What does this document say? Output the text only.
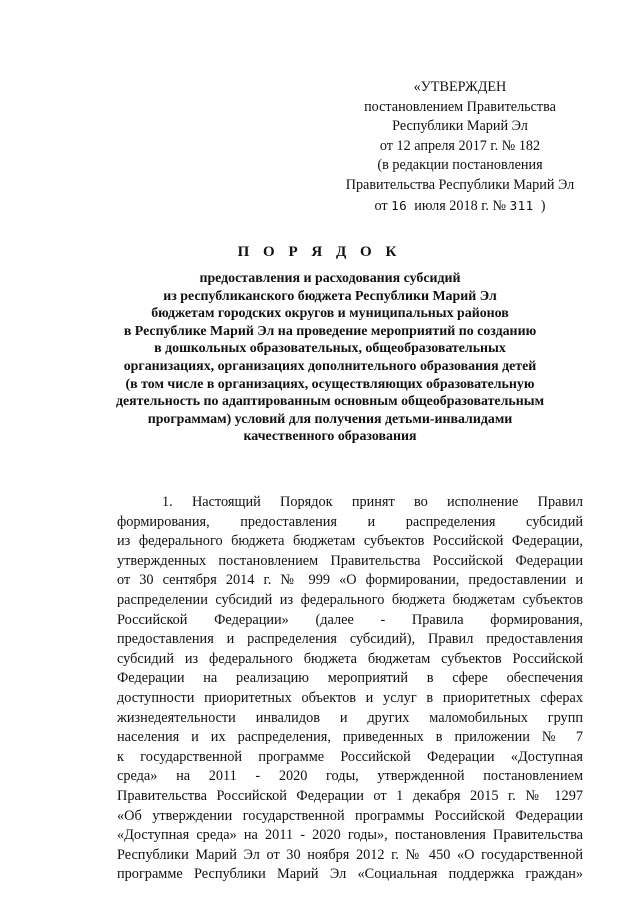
«УТВЕРЖДЕН
постановлением Правительства
Республики Марий Эл
от 12 апреля 2017 г. № 182
(в редакции постановления
Правительства Республики Марий Эл
от 16 июля 2018 г. № 311 )
П О Р Я Д О К
предоставления и расходования субсидий
из республиканского бюджета Республики Марий Эл
бюджетам городских округов и муниципальных районов
в Республике Марий Эл на проведение мероприятий по созданию
в дошкольных образовательных, общеобразовательных
организациях, организациях дополнительного образования детей
(в том числе в организациях, осуществляющих образовательную
деятельность по адаптированным основным общеобразовательным
программам) условий для получения детьми-инвалидами
качественного образования
1. Настоящий Порядок принят во исполнение Правил
формирования, предоставления и распределения субсидий
из федерального бюджета бюджетам субъектов Российской Федерации,
утвержденных постановлением Правительства Российской Федерации
от 30 сентября 2014 г. № 999 «О формировании, предоставлении и
распределении субсидий из федерального бюджета бюджетам субъектов
Российской Федерации» (далее - Правила формирования,
предоставления и распределения субсидий), Правил предоставления
субсидий из федерального бюджета бюджетам субъектов Российской
Федерации на реализацию мероприятий в сфере обеспечения
доступности приоритетных объектов и услуг в приоритетных сферах
жизнедеятельности инвалидов и других маломобильных групп
населения и их распределения, приведенных в приложении № 7
к государственной программе Российской Федерации «Доступная
среда» на 2011 - 2020 годы, утвержденной постановлением
Правительства Российской Федерации от 1 декабря 2015 г. № 1297
«Об утверждении государственной программы Российской Федерации
«Доступная среда» на 2011 - 2020 годы», постановления Правительства
Республики Марий Эл от 30 ноября 2012 г. № 450 «О государственной
программе Республики Марий Эл «Социальная поддержка граждан»
